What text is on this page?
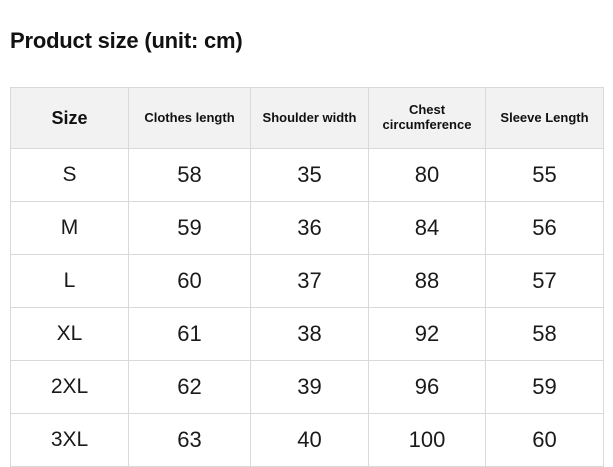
Product size (unit: cm)
Size	Clothes length	Shoulder width	Chest circumference	Sleeve Length
S	58	35	80	55
M	59	36	84	56
L	60	37	88	57
XL	61	38	92	58
2XL	62	39	96	59
3XL	63	40	100	60
